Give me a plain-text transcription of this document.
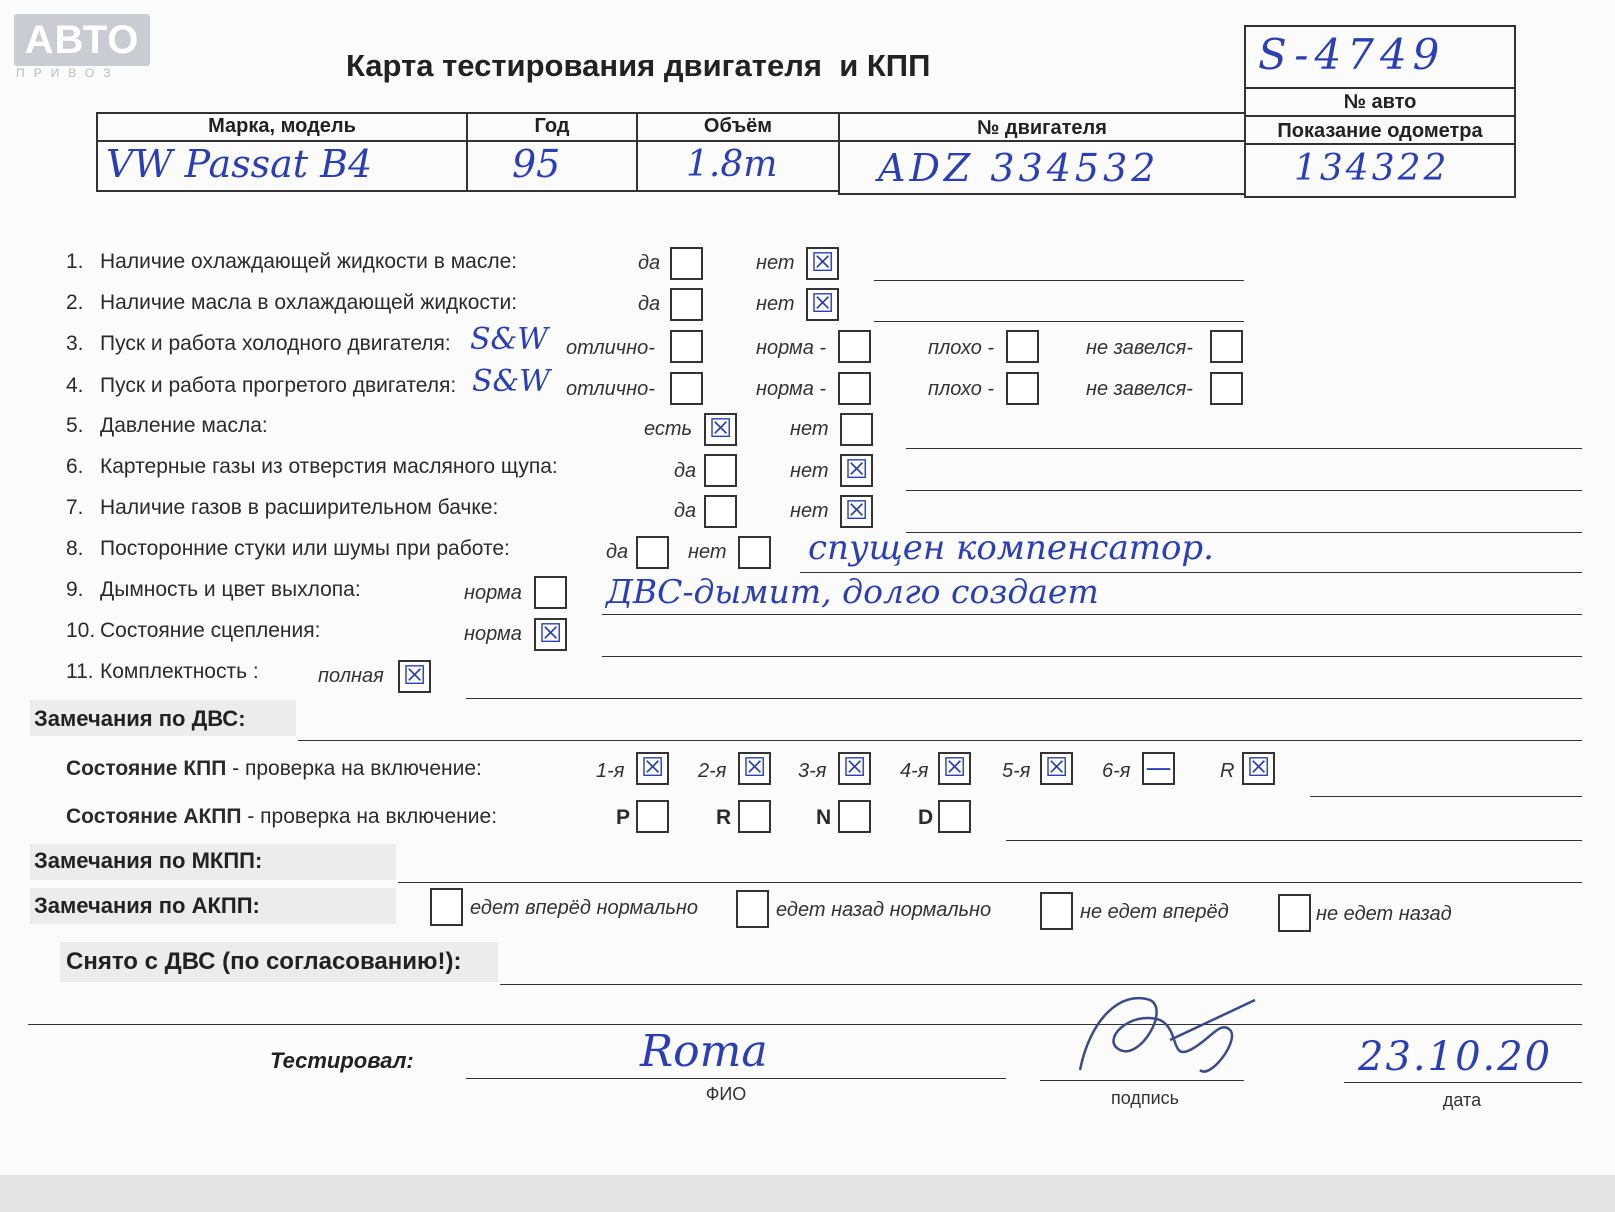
АВТО
ПРИВОЗ	Карта тестирования двигателя  и КПП	S-4749
№ авто
Марка, модель	Год	Объём	№ двигателя	Показание одометра
VW Passat B4	95	1.8m	ADZ 334532	134322
1. Наличие охлаждающей жидкости в масле:	да	нет ☒
2. Наличие масла в охлаждающей жидкости:	да	нет ☒
3. Пуск и работа холодного двигателя: S&W отлично-	норма -	плохо -	не завелся-
4. Пуск и работа прогретого двигателя: S&W отлично-	норма -	плохо -	не завелся-
5. Давление масла:	есть ☒	нет
6. Картерные газы из отверстия масляного щупа:	да	нет ☒
7. Наличие газов в расширительном бачке:	да	нет ☒
8. Посторонние стуки или шумы при работе:	да	нет спущен компенсатор.
9. Дымность и цвет выхлопа:	норма	ДВС-дымит, долго создает
10. Состояние сцепления:	норма ☒
11. Комплектность :	полная ☒
Замечания по ДВС:
Состояние КПП - проверка на включение:	1-я ☒ 2-я ☒ 3-я ☒ 4-я ☒ 5-я ☒ 6-я — R ☒
Состояние АКПП - проверка на включение:	P	R	N	D
Замечания по МКПП:
Замечания по АКПП:	едет вперёд нормально	едет назад нормально	не едет вперёд	не едет назад
Снято с ДВС (по согласованию!):
Тестировал:	Roma
ФИО	подпись
23.10.20
дата
